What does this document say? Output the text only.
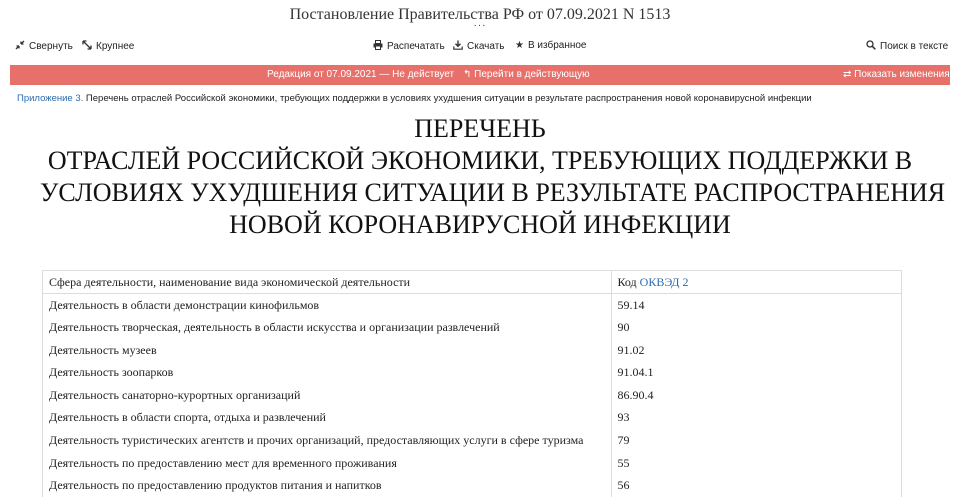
Постановление Правительства РФ от 07.09.2021 N 1513
···
Свернуть Крупнее	Распечатать Скачать ★ В избранное	Поиск в тексте
Редакция от 07.09.2021 — Не действует ↰ Перейти в действующую	⇄ Показать изменения
Приложение 3. Перечень отраслей Российской экономики, требующих поддержки в условиях ухудшения ситуации в результате распространения новой коронавирусной инфекции
ПЕРЕЧЕНЬ
ОТРАСЛЕЙ РОССИЙСКОЙ ЭКОНОМИКИ, ТРЕБУЮЩИХ ПОДДЕРЖКИ В
УСЛОВИЯХ УХУДШЕНИЯ СИТУАЦИИ В РЕЗУЛЬТАТЕ РАСПРОСТРАНЕНИЯ
НОВОЙ КОРОНАВИРУСНОЙ ИНФЕКЦИИ
Сфера деятельности, наименование вида экономической деятельности	Код ОКВЭД 2
Деятельность в области демонстрации кинофильмов	59.14
Деятельность творческая, деятельность в области искусства и организации развлечений	90
Деятельность музеев	91.02
Деятельность зоопарков	91.04.1
Деятельность санаторно-курортных организаций	86.90.4
Деятельность в области спорта, отдыха и развлечений	93
Деятельность туристических агентств и прочих организаций, предоставляющих услуги в сфере туризма	79
Деятельность по предоставлению мест для временного проживания	55
Деятельность по предоставлению продуктов питания и напитков	56
